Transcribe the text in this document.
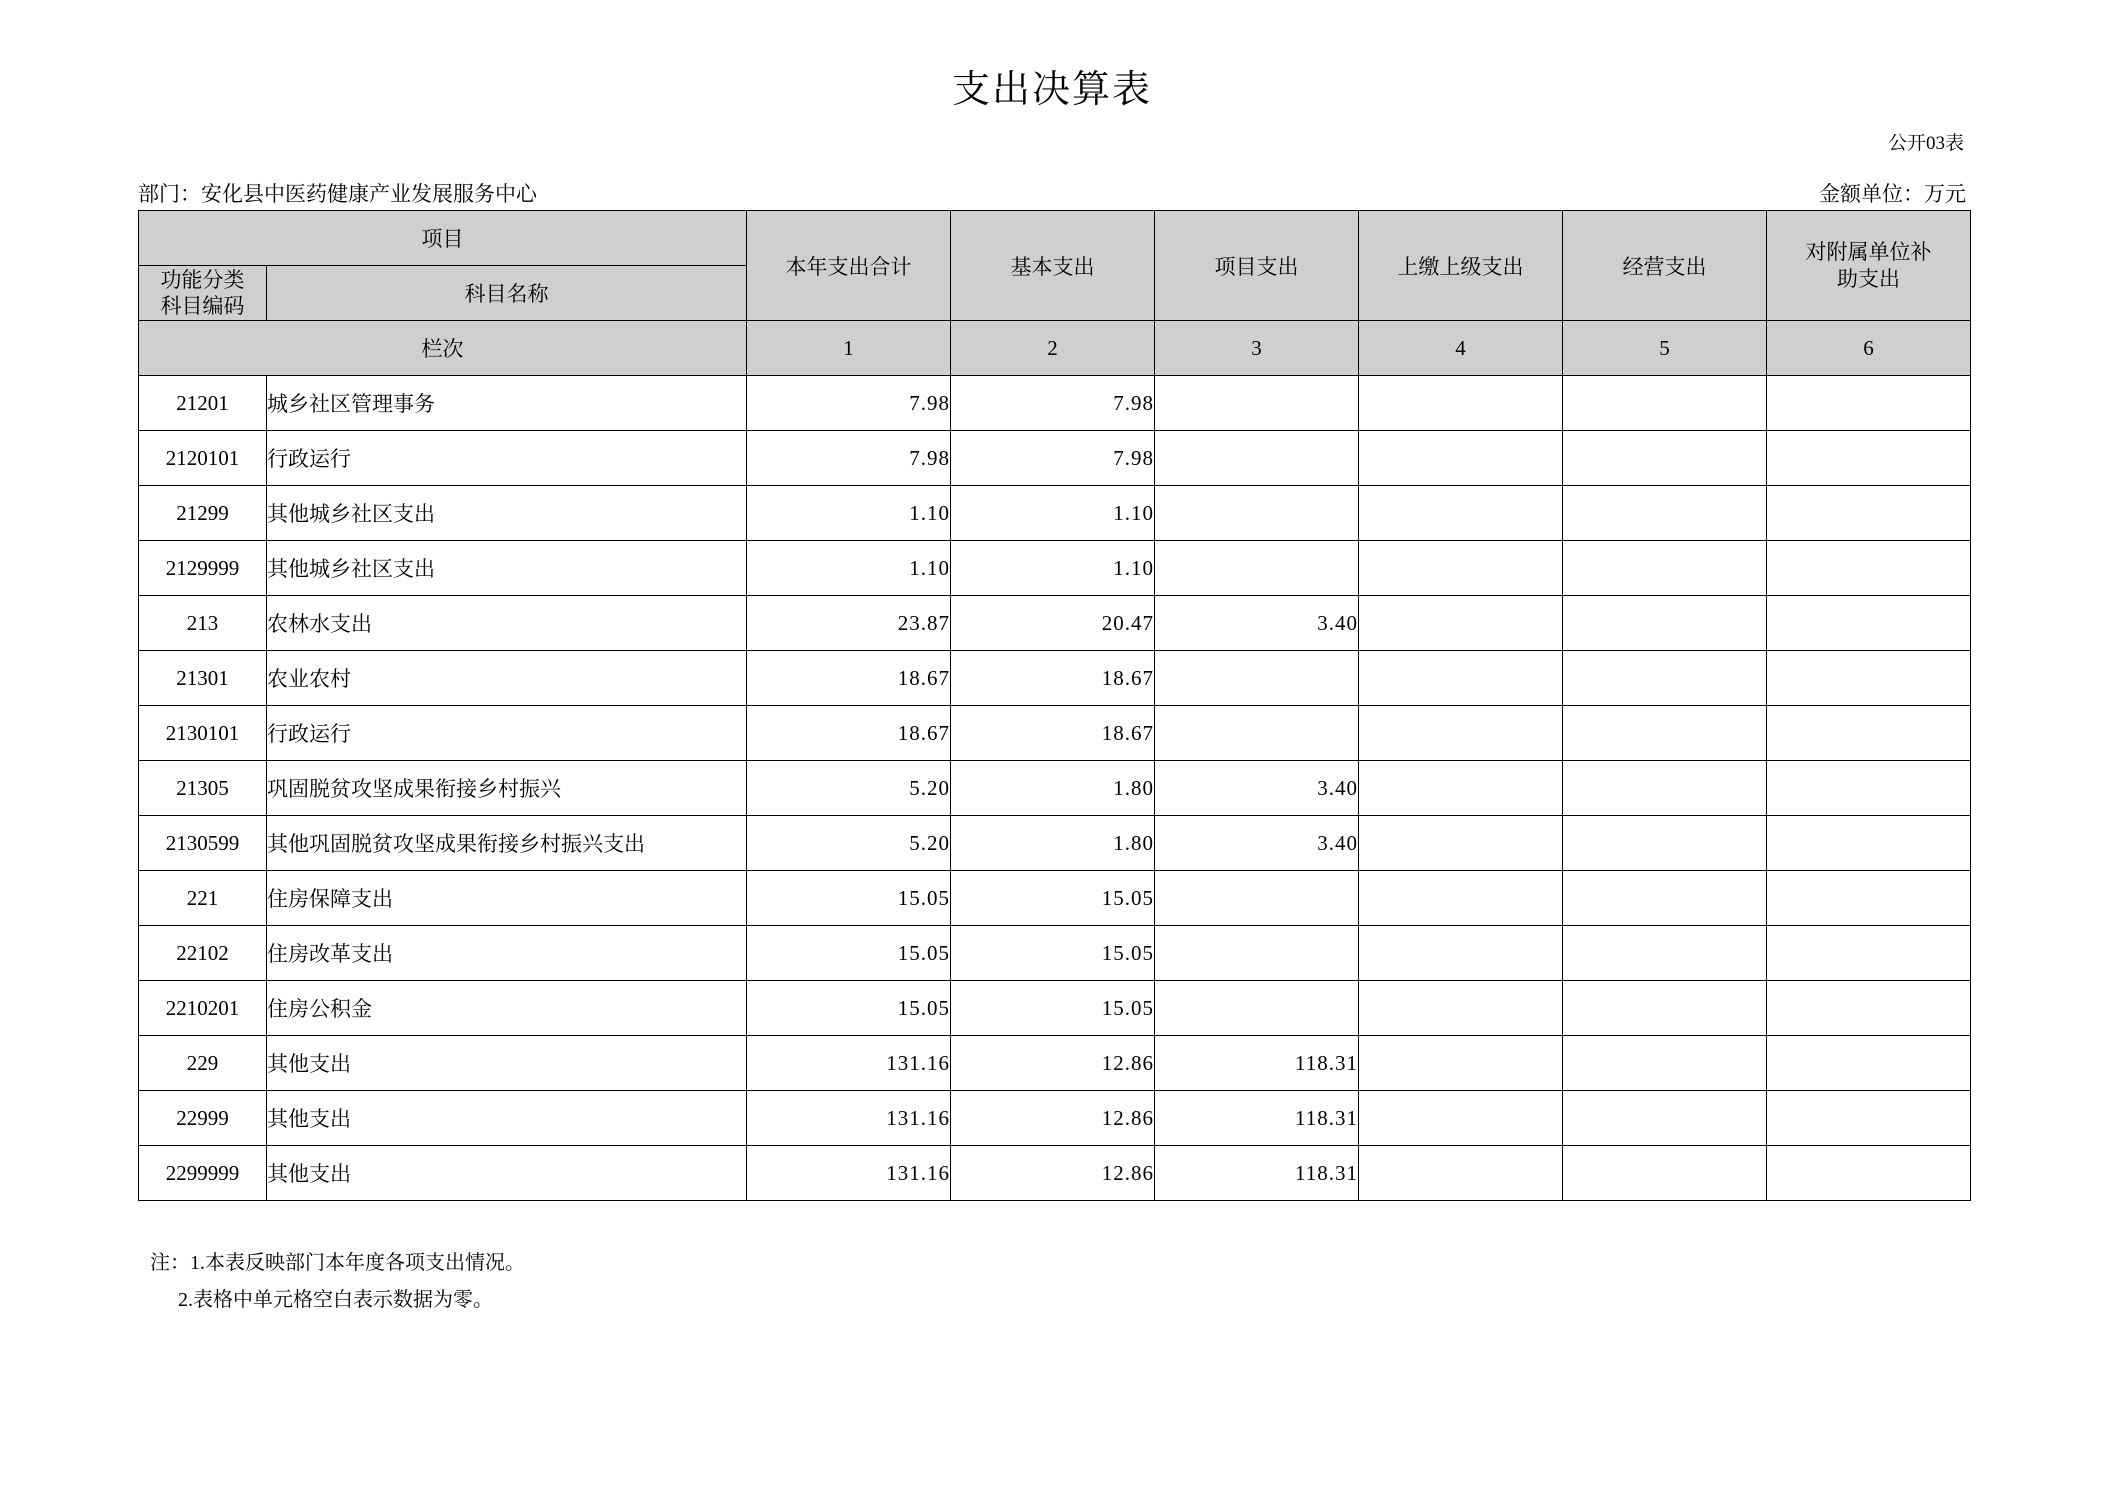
支出决算表
公开03表
部门：安化县中医药健康产业发展服务中心	金额单位：万元
项目		本年支出合计	基本支出	项目支出	上缴上级支出	经营支出	对附属单位补
助支出

功能分类
科目编码	科目名称						
栏次		1	2	3	4	5	6
21201	城乡社区管理事务	7.98	7.98				
2120101	行政运行	7.98	7.98				
21299	其他城乡社区支出	1.10	1.10				
2129999	其他城乡社区支出	1.10	1.10				
213	农林水支出	23.87	20.47	3.40			
21301	农业农村	18.67	18.67				
2130101	行政运行	18.67	18.67				
21305	巩固脱贫攻坚成果衔接乡村振兴	5.20	1.80	3.40			
2130599	其他巩固脱贫攻坚成果衔接乡村振兴支出	5.20	1.80	3.40			
221	住房保障支出	15.05	15.05				
22102	住房改革支出	15.05	15.05				
2210201	住房公积金	15.05	15.05				
229	其他支出	131.16	12.86	118.31			
22999	其他支出	131.16	12.86	118.31			
2299999	其他支出	131.16	12.86	118.31			
注：1.本表反映部门本年度各项支出情况。
2.表格中单元格空白表示数据为零。
